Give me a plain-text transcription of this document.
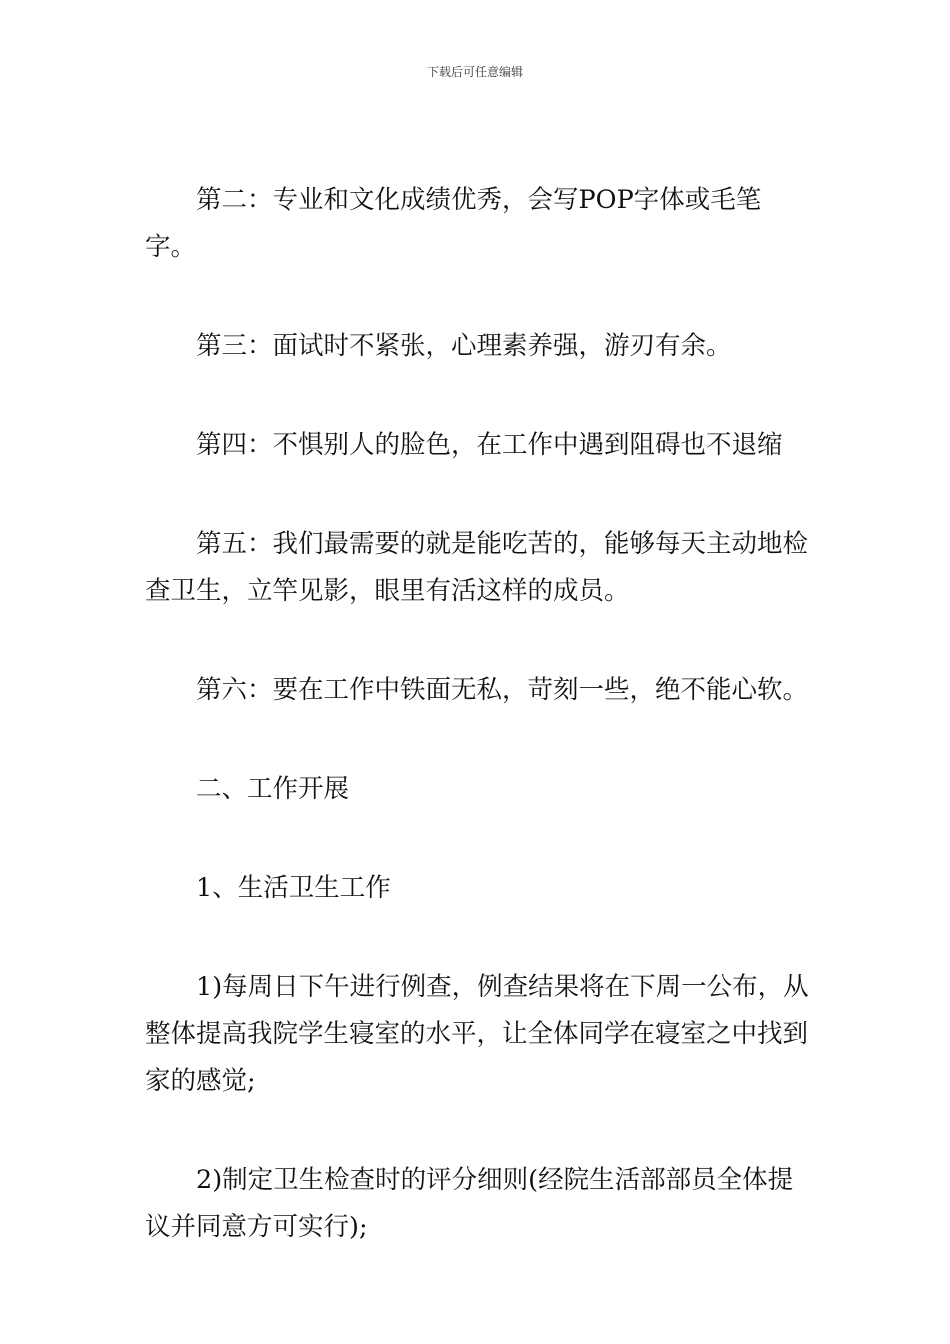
下载后可任意编辑

第二：专业和文化成绩优秀，会写POP字体或毛笔字。

第三：面试时不紧张，心理素养强，游刃有余。

第四：不惧别人的脸色，在工作中遇到阻碍也不退缩

第五：我们最需要的就是能吃苦的，能够每天主动地检查卫生，立竿见影，眼里有活这样的成员。

第六：要在工作中铁面无私，苛刻一些，绝不能心软。

二、工作开展

1、生活卫生工作

1)每周日下午进行例查，例查结果将在下周一公布，从整体提高我院学生寝室的水平，让全体同学在寝室之中找到家的感觉;

2)制定卫生检查时的评分细则(经院生活部部员全体提议并同意方可实行);
